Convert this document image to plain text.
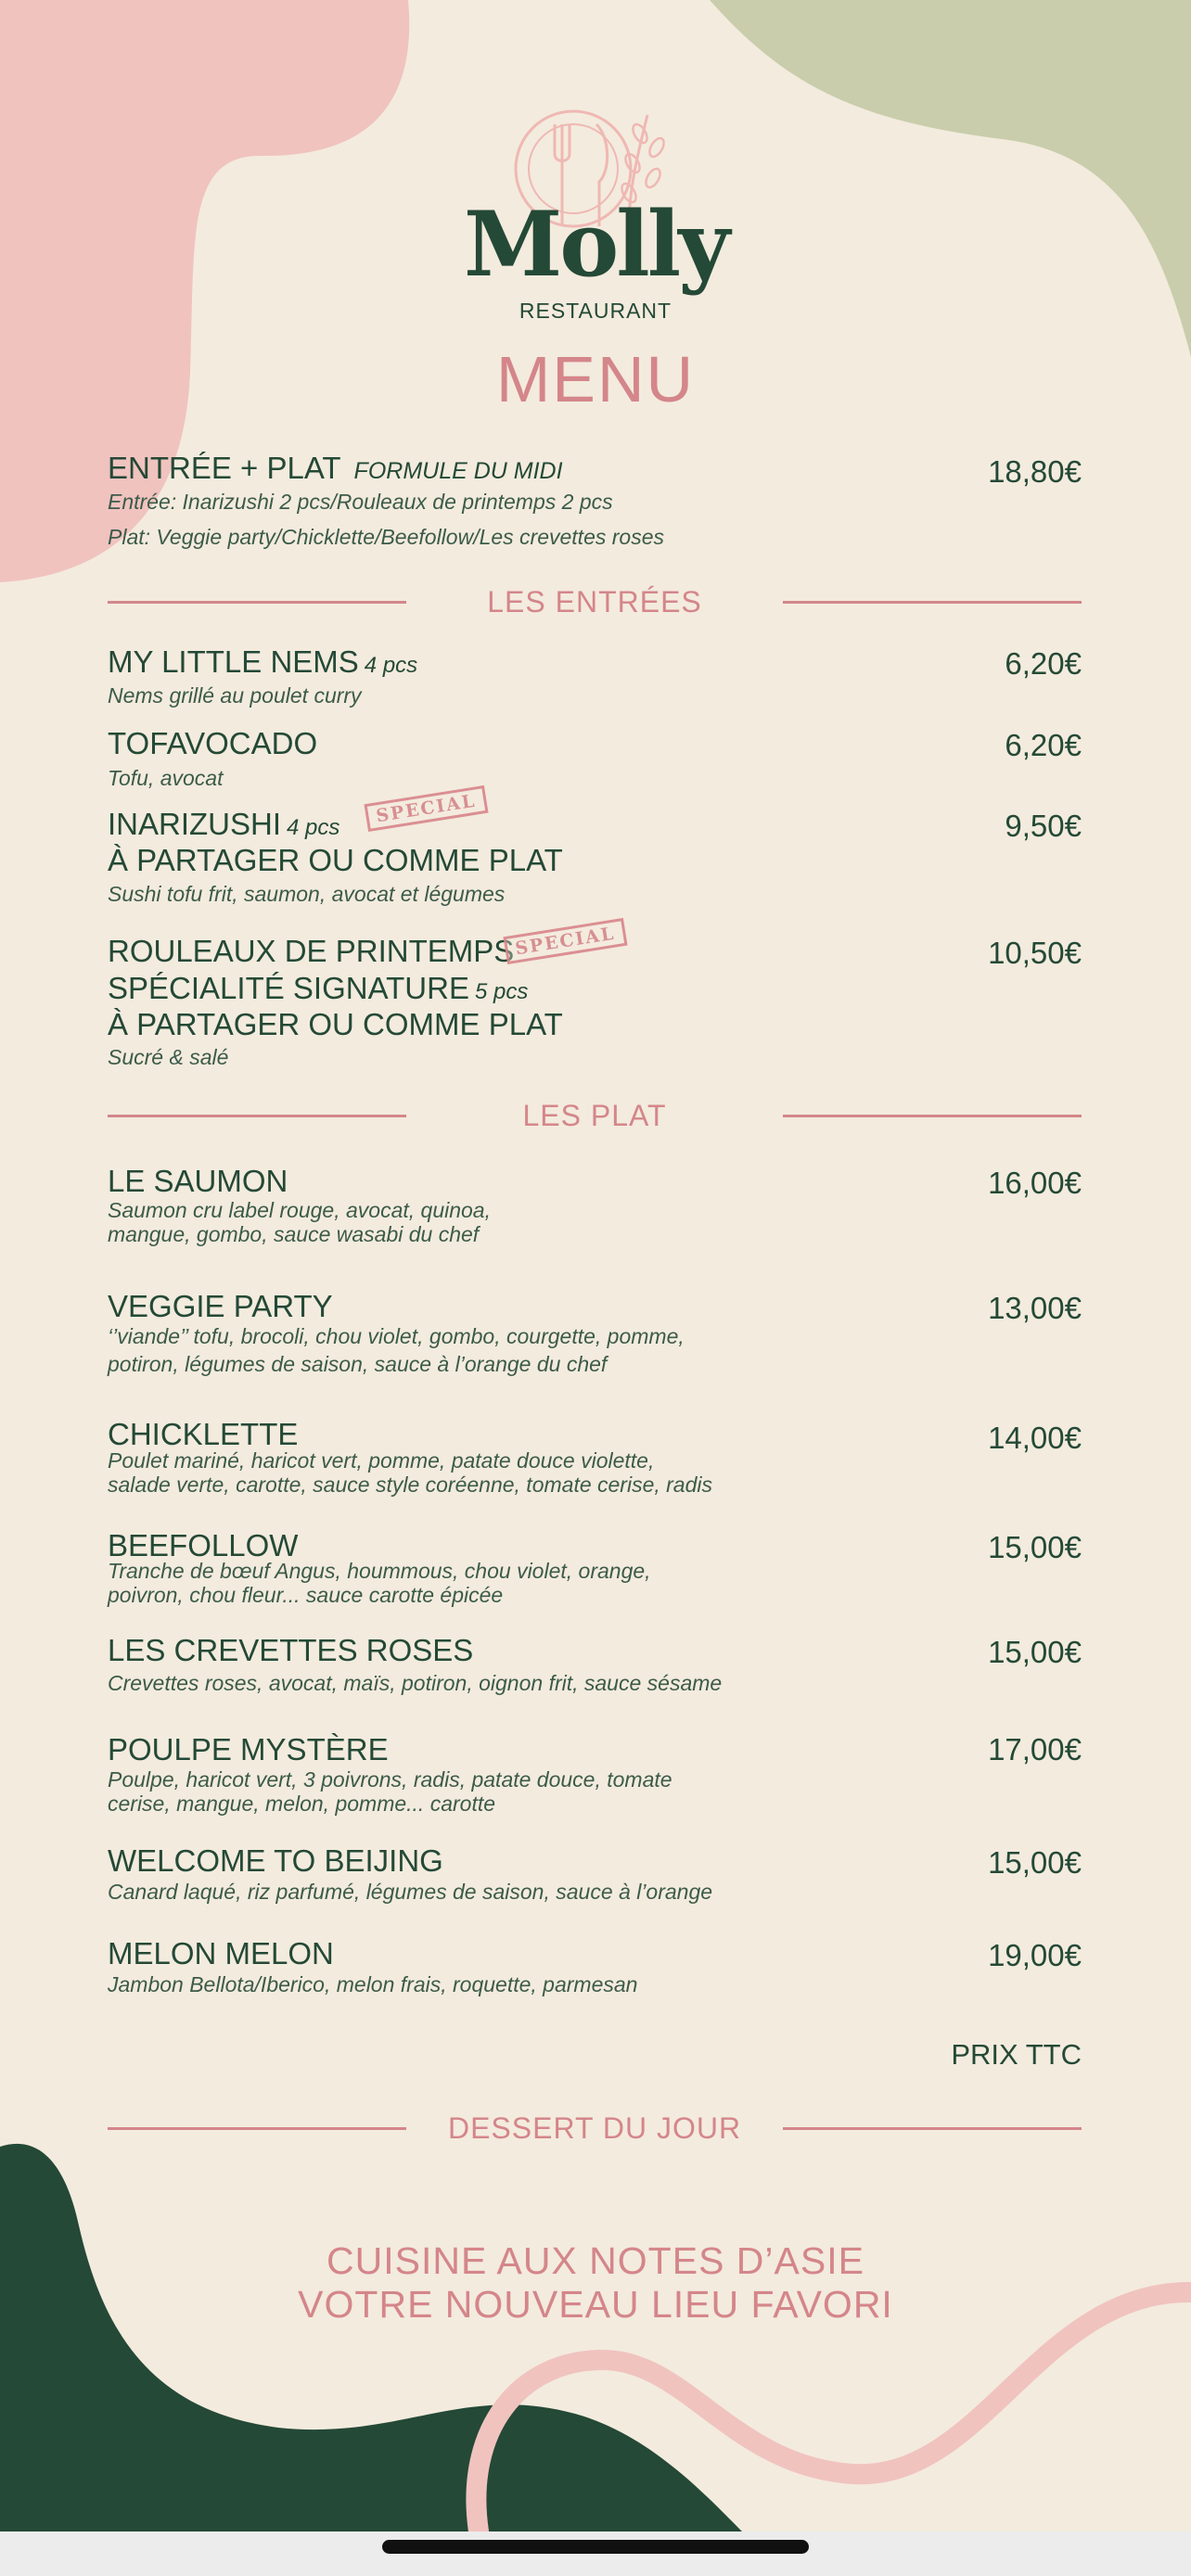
Molly
RESTAURANT
MENU
ENTRÉE + PLAT FORMULE DU MIDI	18,80€
Entrée: Inarizushi 2 pcs/Rouleaux de printemps 2 pcs
Plat: Veggie party/Chicklette/Beefollow/Les crevettes roses
LES ENTRÉES
MY LITTLE NEMS 4 pcs	6,20€
Nems grillé au poulet curry
TOFAVOCADO	6,20€
Tofu, avocat
INARIZUSHI 4 pcs
SPECIAL	9,50€
À PARTAGER OU COMME PLAT
Sushi tofu frit, saumon, avocat et légumes
ROULEAUX DE PRINTEMPS SPECIAL	10,50€
SPÉCIALITÉ SIGNATURE 5 pcs
À PARTAGER OU COMME PLAT
Sucré & salé
LES PLAT
LE SAUMON	16,00€
Saumon cru label rouge, avocat, quinoa,
mangue, gombo, sauce wasabi du chef
VEGGIE PARTY	13,00€
‘’viande’’ tofu, brocoli, chou violet, gombo, courgette, pomme,
potiron, légumes de saison, sauce à l’orange du chef
CHICKLETTE	14,00€
Poulet mariné, haricot vert, pomme, patate douce violette,
salade verte, carotte, sauce style coréenne, tomate cerise, radis
BEEFOLLOW	15,00€
Tranche de bœuf Angus, hoummous, chou violet, orange,
poivron, chou fleur... sauce carotte épicée
LES CREVETTES ROSES	15,00€
Crevettes roses, avocat, maïs, potiron, oignon frit, sauce sésame
POULPE MYSTÈRE	17,00€
Poulpe, haricot vert, 3 poivrons, radis, patate douce, tomate
cerise, mangue, melon, pomme... carotte
WELCOME TO BEIJING	15,00€
Canard laqué, riz parfumé, légumes de saison, sauce à l’orange
MELON MELON	19,00€
Jambon Bellota/Iberico, melon frais, roquette, parmesan
PRIX TTC
DESSERT DU JOUR
CUISINE AUX NOTES D’ASIE
VOTRE NOUVEAU LIEU FAVORI
